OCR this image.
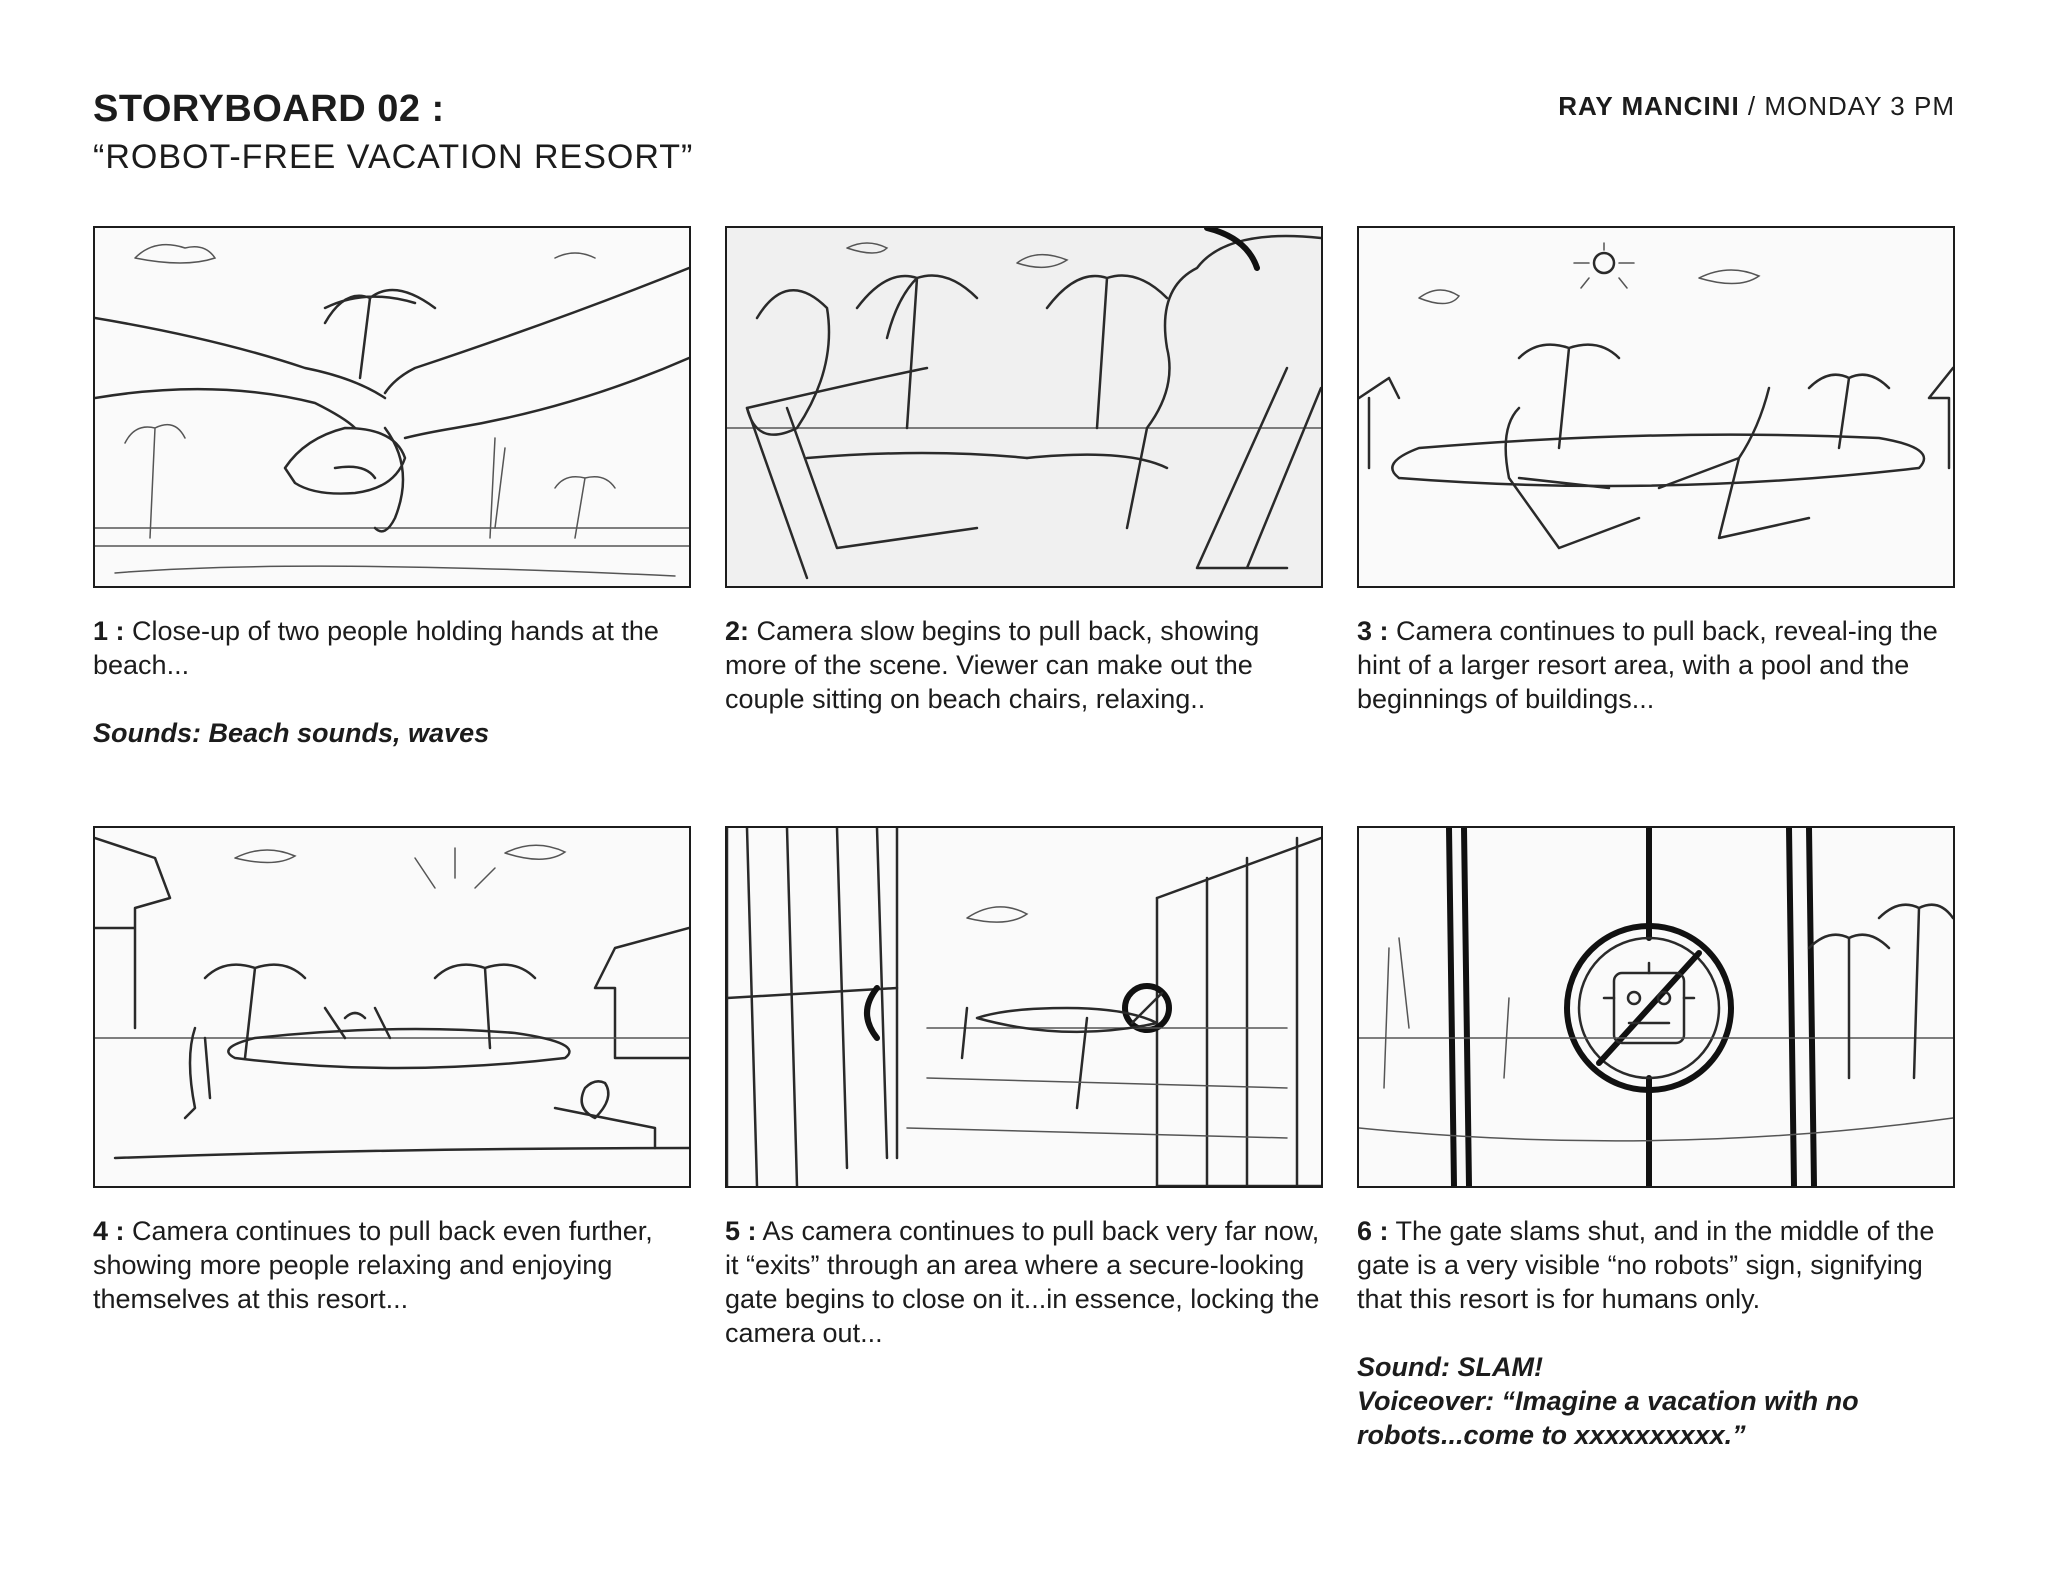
STORYBOARD 02 :
“ROBOT-FREE VACATION RESORT”
RAY MANCINI / MONDAY 3 PM
1 : Close-up of two people holding hands at the beach...
Sounds: Beach sounds, waves
2: Camera slow begins to pull back, showing more of the scene. Viewer can make out the couple sitting on beach chairs, relaxing..
3 : Camera continues to pull back, reveal-ing the hint of a larger resort area, with a pool and the beginnings of buildings...
4 : Camera continues to pull back even further, showing more people relaxing and enjoying themselves at this resort...
5 : As camera continues to pull back very far now, it “exits” through an area where a secure-looking gate begins to close on it...in essence, locking the camera out...
6 : The gate slams shut, and in the middle of the gate is a very visible “no robots” sign, signifying that this resort is for humans only.
Sound: SLAM!
Voiceover: “Imagine a vacation with no robots...come to xxxxxxxxxx.”
